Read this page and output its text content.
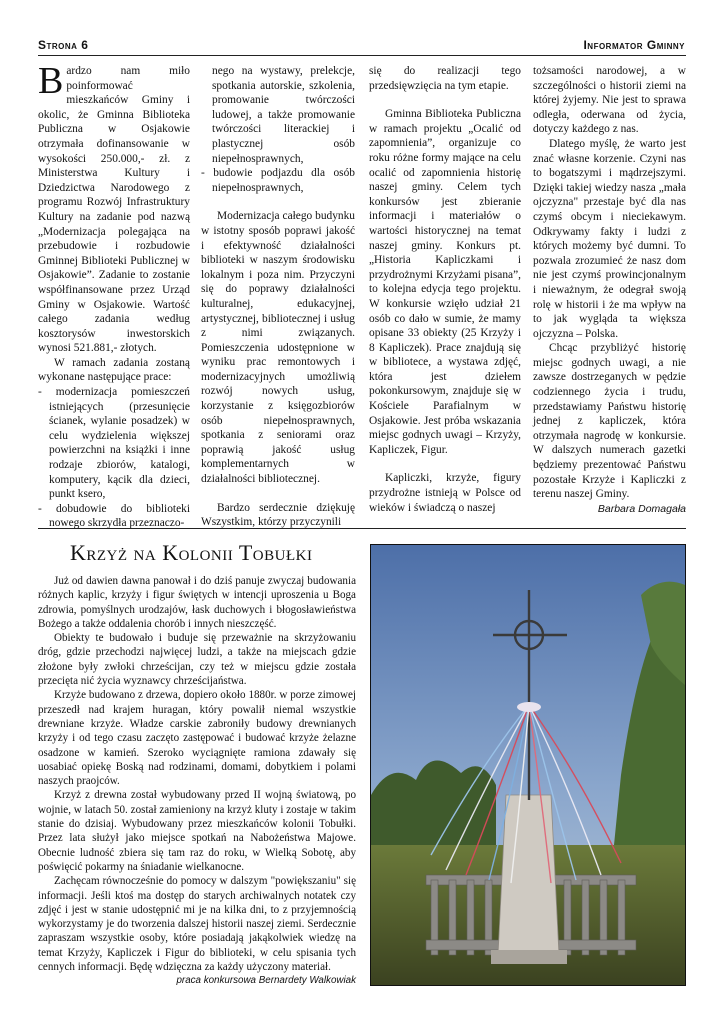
Strona 6	Informator Gminny

Bardzo nam miło poinformować mieszkańców Gminy i okolic, że Gminna Biblioteka Publiczna w Osjakowie otrzymała dofinansowanie w wysokości 250.000,- zł. z Ministerstwa Kultury i Dziedzictwa Narodowego z programu Rozwój Infrastruktury Kultury na zadanie pod nazwą „Modernizacja polegająca na przebudowie i rozbudowie Gminnej Biblioteki Publicznej w Osjakowie”. Zadanie to zostanie współfinansowane przez Urząd Gminy w Osjakowie. Wartość całego zadania według kosztorysów inwestorskich wynosi 521.881,- złotych.

W ramach zadania zostaną wykonane następujące prace:

- modernizacja pomieszczeń istniejących (przesunięcie ścianek, wylanie posadzek) w celu wydzielenia większej powierzchni na książki i inne rodzaje zbiorów, katalogi, komputery, kącik dla dzieci, punkt ksero,

- dobudowie do biblioteki nowego skrzydła przeznaczo-

nego na wystawy, prelekcje, spotkania autorskie, szkolenia, promowanie twórczości ludowej, a także promowanie twórczości literackiej i plastycznej osób niepełnosprawnych,

- budowie podjazdu dla osób niepełnosprawnych,

Modernizacja całego budynku w istotny sposób poprawi jakość i efektywność działalności biblioteki w naszym środowisku lokalnym i poza nim. Przyczyni się do poprawy działalności kulturalnej, edukacyjnej, artystycznej, bibliotecznej i usług z nimi związanych. Pomieszczenia udostępnione w wyniku prac remontowych i modernizacyjnych umożliwią rozwój nowych usług, korzystanie z księgozbiorów osób niepełnosprawnych, spotkania z seniorami oraz poprawią jakość usług komplementarnych w działalności bibliotecznej.

Bardzo serdecznie dziękuję Wszystkim, którzy przyczynili

się do realizacji tego przedsięwzięcia na tym etapie.

Gminna Biblioteka Publiczna w ramach projektu „Ocalić od zapomnienia”, organizuje co roku różne formy mające na celu ocalić od zapomnienia historię naszej gminy. Celem tych konkursów jest zbieranie informacji i materiałów o wartości historycznej na temat naszej gminy. Konkurs pt. „Historia Kapliczkami i przydrożnymi Krzyżami pisana”, to kolejna edycja tego projektu. W konkursie wzięło udział 21 osób co dało w sumie, że mamy opisane 33 obiekty (25 Krzyży i 8 Kapliczek). Prace znajdują się w bibliotece, a wystawa zdjęć, która jest dziełem pokonkursowym, znajduje się w Kościele Parafialnym w Osjakowie. Jest próba wskazania miejsc godnych uwagi – Krzyży, Kapliczek, Figur.

Kapliczki, krzyże, figury przydrożne istnieją w Polsce od wieków i świadczą o naszej

tożsamości narodowej, a w szczególności o historii ziemi na której żyjemy. Nie jest to sprawa odległa, oderwana od życia, dotyczy każdego z nas.

Dlatego myślę, że warto jest znać własne korzenie. Czyni nas to bogatszymi i mądrzejszymi. Dzięki takiej wiedzy nasza „mała ojczyzna" przestaje być dla nas czymś obcym i nieciekawym. Odkrywamy fakty i ludzi z których możemy być dumni. To pozwala zrozumieć że nasz dom nie jest czymś prowincjonalnym i nieważnym, że odegrał swoją rolę w historii i że ma wpływ na to jak wygląda ta większa ojczyzna – Polska.

Chcąc przybliżyć historię miejsc godnych uwagi, a nie zawsze dostrzeganych w pędzie codziennego życia i trudu, przedstawiamy Państwu historię jednej z kapliczek, która otrzymała nagrodę w konkursie. W dalszych numerach gazetki będziemy prezentować Państwu pozostałe Krzyże i Kapliczki z terenu naszej Gminy.

Barbara Domagała

Krzyż na Kolonii Tobułki

Już od dawien dawna panował i do dziś panuje zwyczaj budowania różnych kaplic, krzyży i figur świętych w intencji uproszenia u Boga zdrowia, pomyślnych urodzajów, łask duchowych i błogosławieństwa Bożego a także oddalenia chorób i innych nieszczęść.

Obiekty te budowało i buduje się przeważnie na skrzyżowaniu dróg, gdzie przechodzi najwięcej ludzi, a także na miejscach gdzie złożone były zwłoki chrześcijan, czy też w miejscu gdzie została przecięta nić życia wyznawcy chrześcijaństwa.

Krzyże budowano z drzewa, dopiero około 1880r. w porze zimowej przeszedł nad krajem huragan, który powalił niemal wszystkie drewniane krzyże. Władze carskie zabroniły budowy drewnianych krzyży i od tego czasu zaczęto zastępować i budować krzyże żelazne osadzone w kamień. Szeroko wyciągnięte ramiona zdawały się uosabiać opiekę Boską nad rodzinami, domami, dobytkiem i polami naszych praojców.

Krzyż z drewna został wybudowany przed II wojną światową, po wojnie, w latach 50. został zamieniony na krzyż kluty i zostaje w takim stanie do dzisiaj. Wybudowany przez mieszkańców kolonii Tobułki. Przez lata służył jako miejsce spotkań na Nabożeństwa Majowe. Obecnie ludność zbiera się tam raz do roku, w Wielką Sobotę, aby poświęcić pokarmy na śniadanie wielkanocne.

Zachęcam równocześnie do pomocy w dalszym "powiększaniu" się informacji. Jeśli ktoś ma dostęp do starych archiwalnych notatek czy zdjęć i jest w stanie udostępnić mi je na kilka dni, to z przyjemnością wykorzystamy je do tworzenia dalszej historii naszej ziemi. Serdecznie zapraszam wszystkie osoby, które posiadają jakąkolwiek wiedzę na temat Krzyży, Kapliczek i Figur do biblioteki, w celu spisania tych cennych informacji. Będę wdzięczna za każdy użyczony materiał.

praca konkursowa Bernardety Walkowiak
